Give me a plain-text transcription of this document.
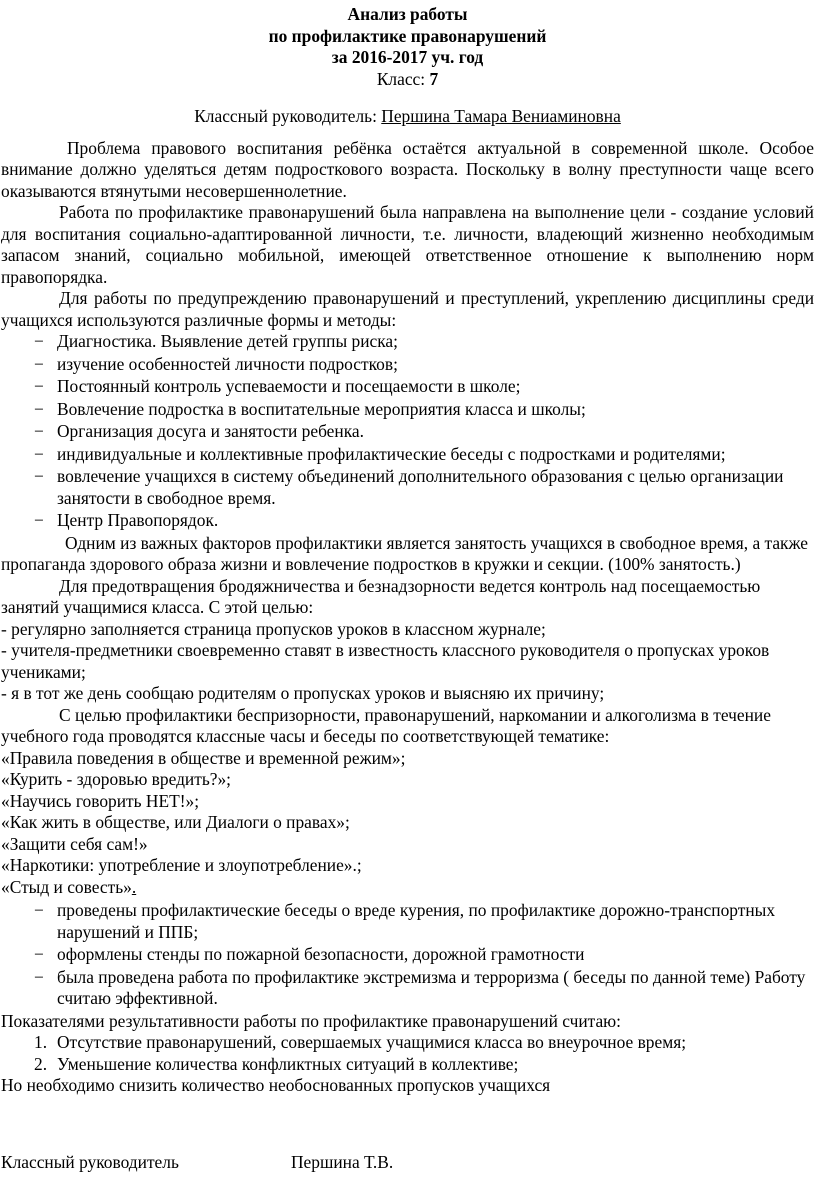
Анализ работы

по профилактике правонарушений

за 2016-2017 уч. год

Класс: 7

Классный руководитель: Першина Тамара Вениаминовна

Проблема правового воспитания ребёнка остаётся актуальной в современной школе. Особое внимание должно уделяться детям подросткового возраста. Поскольку в волну преступности чаще всего оказываются втянутыми несовершеннолетние.

Работа по профилактике правонарушений была направлена на выполнение цели - создание условий для воспитания социально-адаптированной личности, т.е. личности, владеющий жизненно необходимым запасом знаний, социально мобильной, имеющей ответственное отношение к выполнению норм правопорядка.

Для работы по предупреждению правонарушений и преступлений, укреплению дисциплины среди учащихся используются различные формы и методы:

− Диагностика. Выявление детей группы риска;
− изучение особенностей личности подростков;
− Постоянный контроль успеваемости и посещаемости в школе;
− Вовлечение подростка в воспитательные мероприятия класса и школы;
− Организация досуга и занятости ребенка.
− индивидуальные и коллективные профилактические беседы с подростками и родителями;
− вовлечение учащихся в систему объединений дополнительного образования с целью организации занятости в свободное время.
− Центр Правопорядок.

Одним из важных факторов профилактики является занятость учащихся в свободное время, а также пропаганда здорового образа жизни и вовлечение подростков в кружки и секции. (100% занятость.)

Для предотвращения бродяжничества и безнадзорности ведется контроль над посещаемостью занятий учащимися класса. С этой целью:

- регулярно заполняется страница пропусков уроков в классном журнале;

- учителя-предметники своевременно ставят в известность классного руководителя о пропусках уроков учениками;

- я в тот же день сообщаю родителям о пропусках уроков и выясняю их причину;

С целью профилактики беспризорности, правонарушений, наркомании и алкоголизма в течение учебного года проводятся классные часы и беседы по соответствующей тематике:

«Правила поведения в обществе и временной режим»;

«Курить - здоровью вредить?»;

«Научись говорить НЕТ!»;

«Как жить в обществе, или Диалоги о правах»;

«Защити себя сам!»

«Наркотики: употребление и злоупотребление».;

«Стыд и совесть».

− проведены профилактические беседы о вреде курения, по профилактике дорожно-транспортных нарушений и ППБ;
− оформлены стенды по пожарной безопасности, дорожной грамотности
− была проведена работа по профилактике экстремизма и терроризма ( беседы по данной теме) Работу считаю эффективной.

Показателями результативности работы по профилактике правонарушений считаю:

1. Отсутствие правонарушений, совершаемых учащимися класса во внеурочное время;
2. Уменьшение количества конфликтных ситуаций в коллективе;

Но необходимо снизить количество необоснованных пропусков учащихся

Классный руководитель	Першина Т.В.
